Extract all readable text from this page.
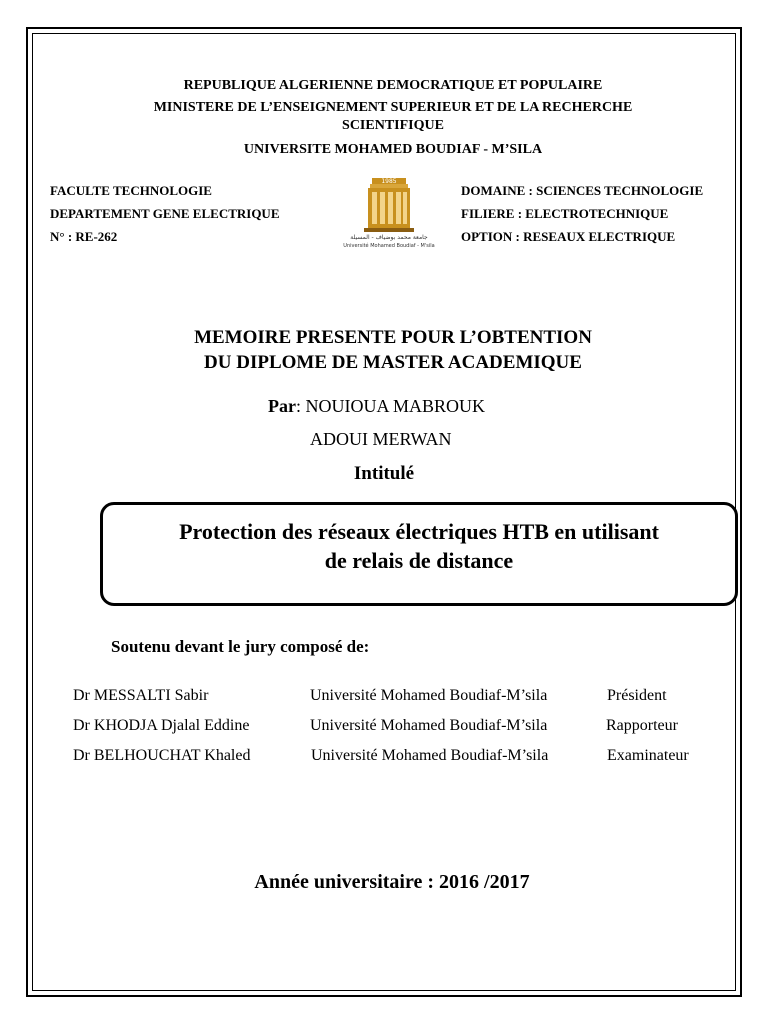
REPUBLIQUE ALGERIENNE DEMOCRATIQUE ET POPULAIRE
MINISTERE DE L’ENSEIGNEMENT SUPERIEUR ET DE LA RECHERCHE
SCIENTIFIQUE
UNIVERSITE MOHAMED BOUDIAF - M’SILA
FACULTE TECHNOLOGIE
DEPARTEMENT GENE ELECTRIQUE
N° : RE-262
DOMAINE : SCIENCES TECHNOLOGIE
FILIERE : ELECTROTECHNIQUE
OPTION : RESEAUX ELECTRIQUE
1985
جامعة محمد بوضياف - المسيلة
Université Mohamed Boudiaf - M'sila
MEMOIRE PRESENTE POUR L’OBTENTION
DU DIPLOME DE MASTER ACADEMIQUE
Par: NOUIOUA MABROUK
ADOUI MERWAN
Intitulé
Protection des réseaux électriques HTB en utilisant
de relais de distance
Soutenu devant le jury composé de:
Dr MESSALTI Sabir	Université Mohamed Boudiaf-M’sila	Président
Dr KHODJA Djalal Eddine	Université Mohamed Boudiaf-M’sila	Rapporteur
Dr BELHOUCHAT Khaled	Université Mohamed Boudiaf-M’sila	Examinateur
Année universitaire : 2016 /2017
